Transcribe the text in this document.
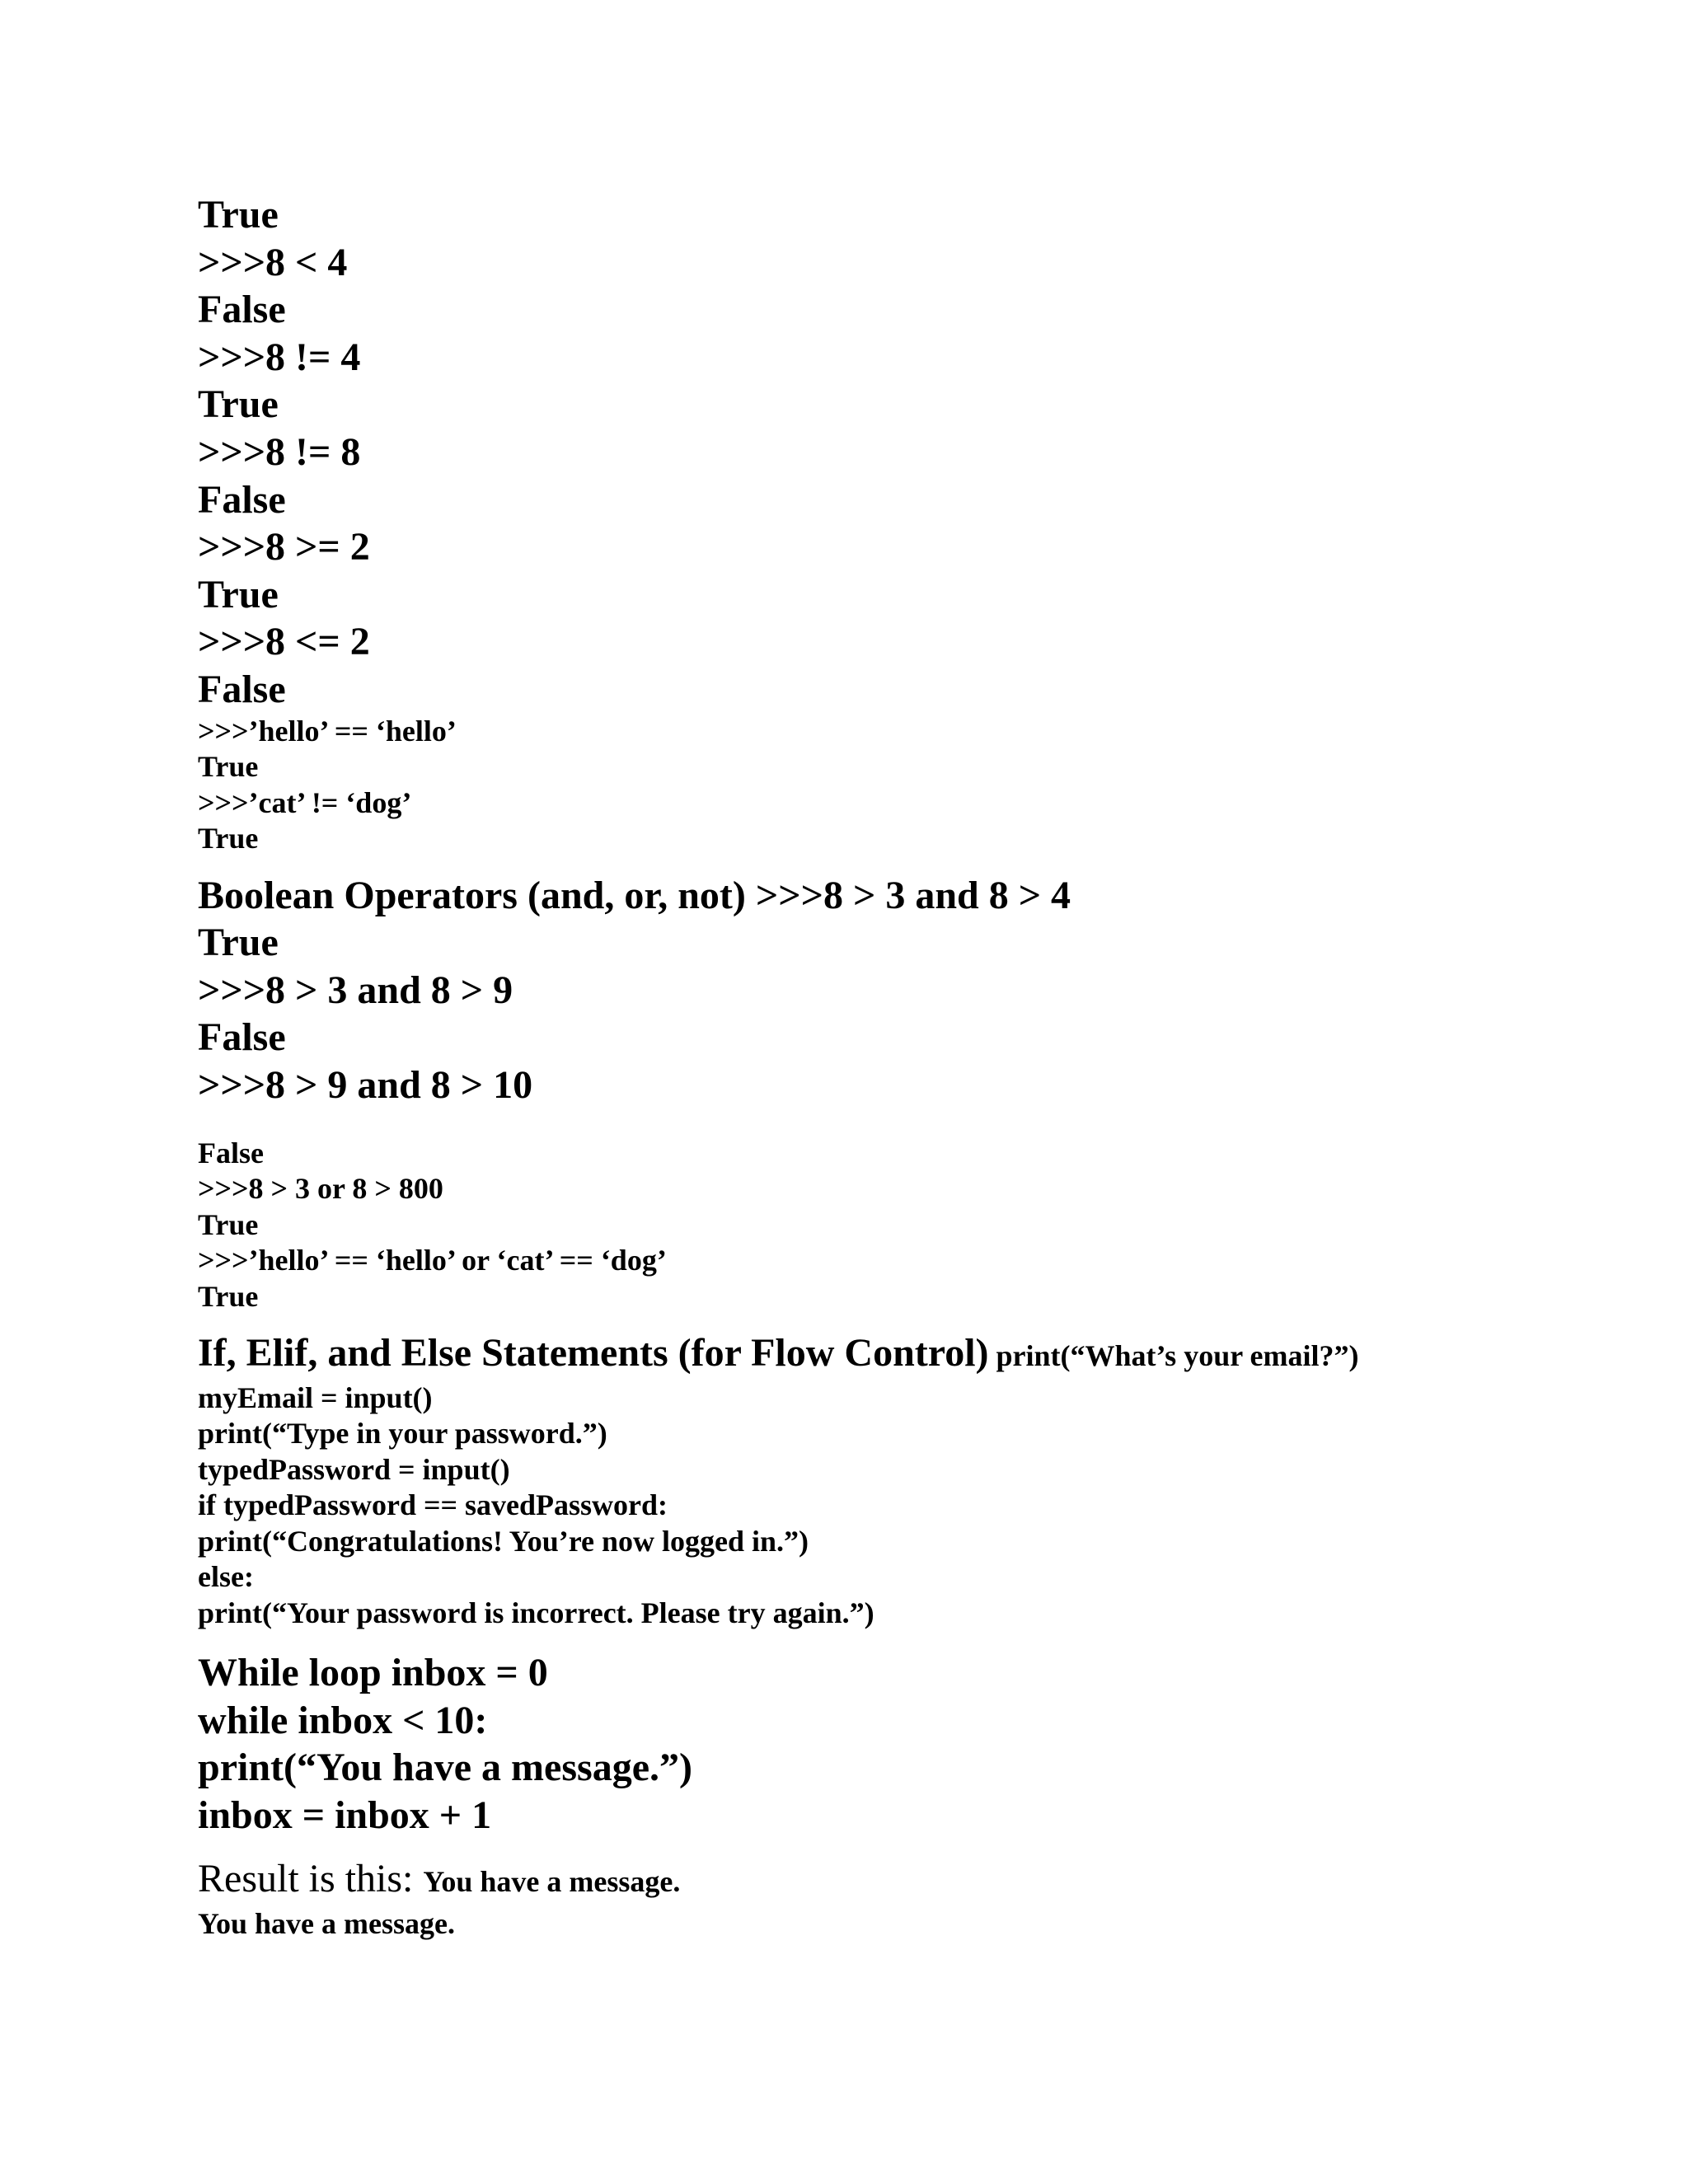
True
>>>8 < 4
False
>>>8 != 4
True
>>>8 != 8
False
>>>8 >= 2
True
>>>8 <= 2
False
>>>’hello’ == ‘hello’
True
>>>’cat’ != ‘dog’
True
Boolean Operators (and, or, not) >>>8 > 3 and 8 > 4
True
>>>8 > 3 and 8 > 9
False
>>>8 > 9 and 8 > 10
False
>>>8 > 3 or 8 > 800
True
>>>’hello’ == ‘hello’ or ‘cat’ == ‘dog’
True
If, Elif, and Else Statements (for Flow Control) print(“What’s your email?”)
myEmail = input()
print(“Type in your password.”)
typedPassword = input()
if typedPassword == savedPassword:
print(“Congratulations! You’re now logged in.”)
else:
print(“Your password is incorrect. Please try again.”)
While loop inbox = 0
while inbox < 10:
print(“You have a message.”)
inbox = inbox + 1
Result is this: You have a message.
You have a message.
